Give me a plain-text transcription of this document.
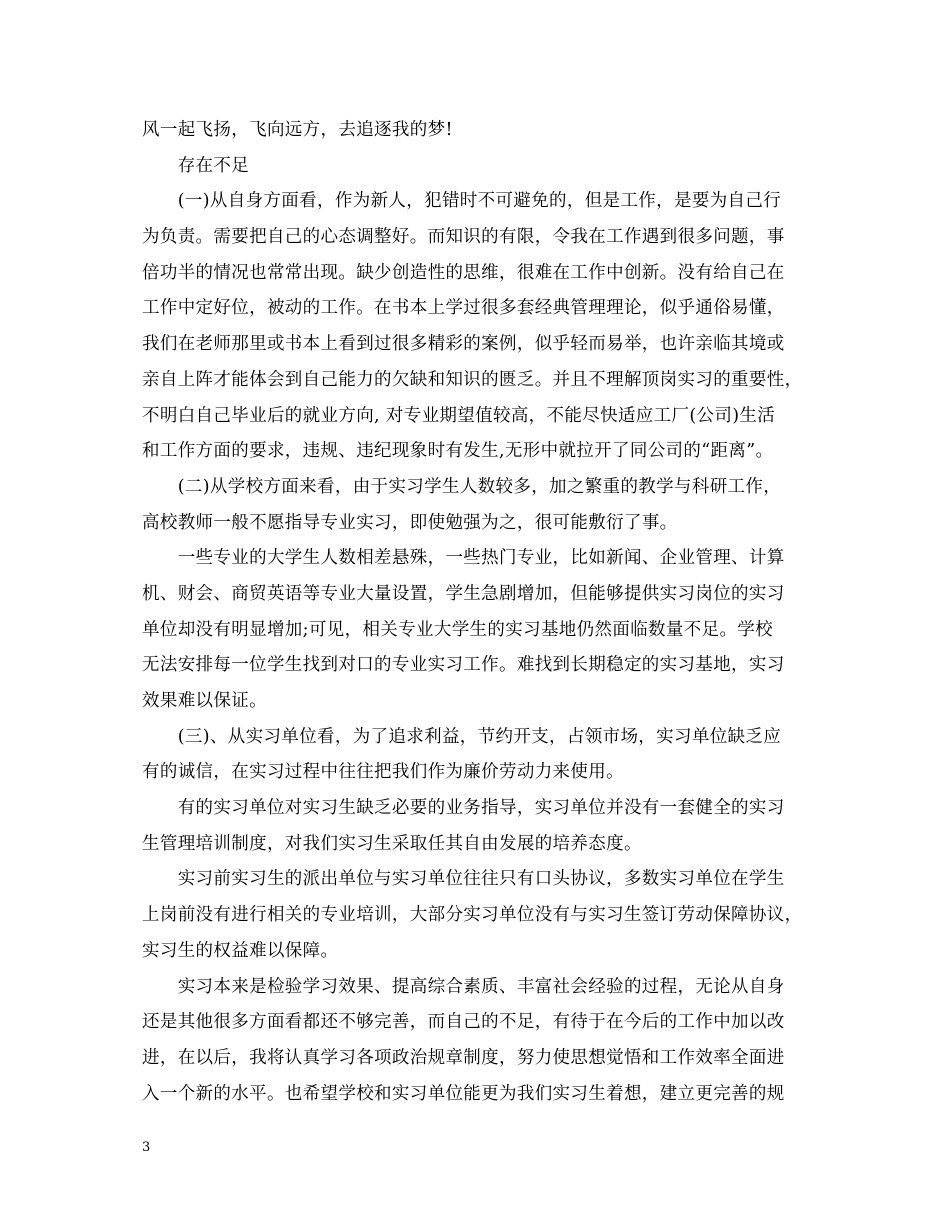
风一起飞扬，飞向远方，去追逐我的梦!
　　存在不足
　　(一)从自身方面看，作为新人，犯错时不可避免的，但是工作，是要为自己行
为负责。需要把自己的心态调整好。而知识的有限，令我在工作遇到很多问题，事
倍功半的情况也常常出现。缺少创造性的思维，很难在工作中创新。没有给自己在
工作中定好位，被动的工作。在书本上学过很多套经典管理理论，似乎通俗易懂，
我们在老师那里或书本上看到过很多精彩的案例，似乎轻而易举，也许亲临其境或
亲自上阵才能体会到自己能力的欠缺和知识的匮乏。并且不理解顶岗实习的重要性，
不明白自己毕业后的就业方向, 对专业期望值较高，不能尽快适应工厂(公司)生活
和工作方面的要求，违规、违纪现象时有发生,无形中就拉开了同公司的“距离”。
　　(二)从学校方面来看，由于实习学生人数较多，加之繁重的教学与科研工作，
高校教师一般不愿指导专业实习，即使勉强为之，很可能敷衍了事。
　　一些专业的大学生人数相差悬殊，一些热门专业，比如新闻、企业管理、计算
机、财会、商贸英语等专业大量设置，学生急剧增加，但能够提供实习岗位的实习
单位却没有明显增加;可见，相关专业大学生的实习基地仍然面临数量不足。学校
无法安排每一位学生找到对口的专业实习工作。难找到长期稳定的实习基地，实习
效果难以保证。
　　(三)、从实习单位看，为了追求利益，节约开支，占领市场，实习单位缺乏应
有的诚信，在实习过程中往往把我们作为廉价劳动力来使用。
　　有的实习单位对实习生缺乏必要的业务指导，实习单位并没有一套健全的实习
生管理培训制度，对我们实习生采取任其自由发展的培养态度。
　　实习前实习生的派出单位与实习单位往往只有口头协议，多数实习单位在学生
上岗前没有进行相关的专业培训，大部分实习单位没有与实习生签订劳动保障协议，
实习生的权益难以保障。
　　实习本来是检验学习效果、提高综合素质、丰富社会经验的过程，无论从自身
还是其他很多方面看都还不够完善，而自己的不足，有待于在今后的工作中加以改
进，在以后，我将认真学习各项政治规章制度，努力使思想觉悟和工作效率全面进
入一个新的水平。也希望学校和实习单位能更为我们实习生着想，建立更完善的规
3
